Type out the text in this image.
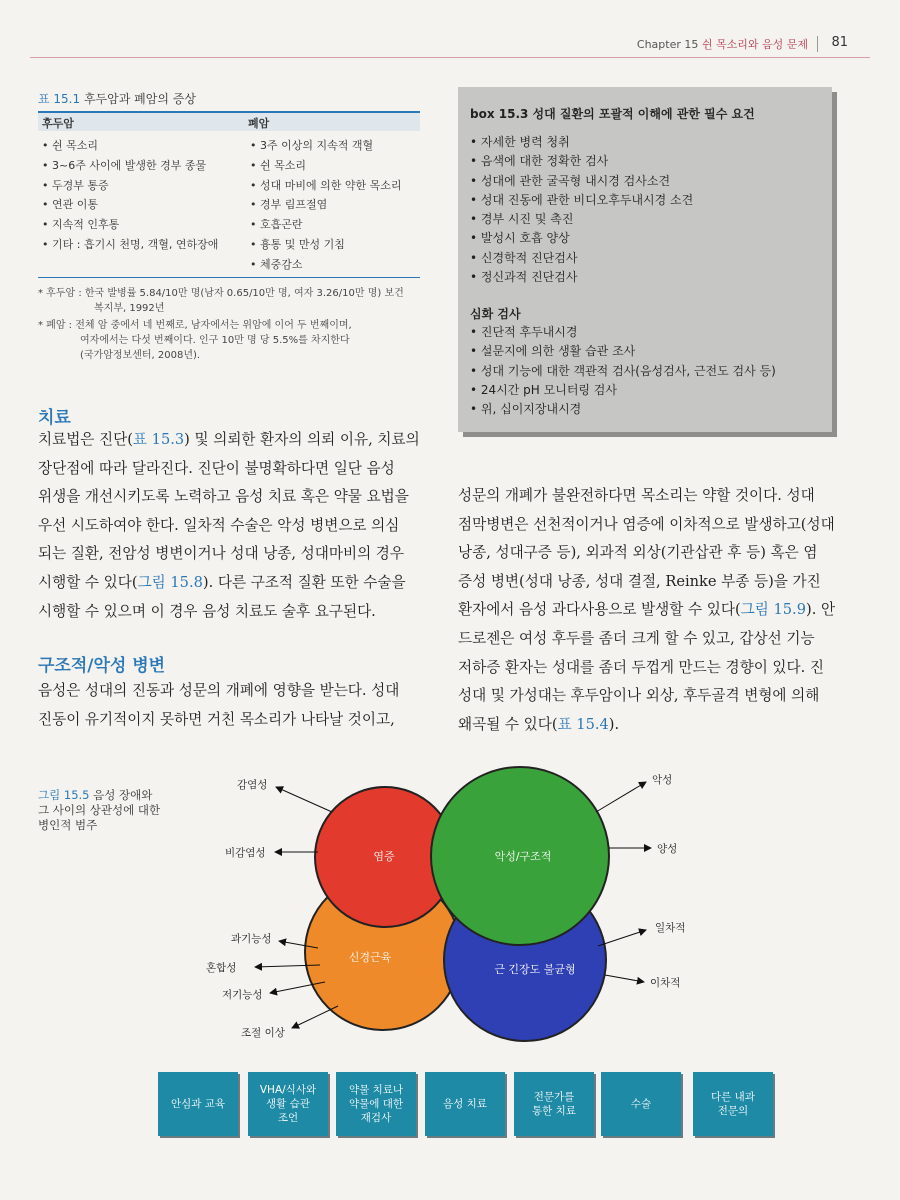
Chapter 15 쉰 목소리와 음성 문제 81
표 15.1 후두암과 폐암의 증상
후두암	폐암
• 쉰 목소리
• 3~6주 사이에 발생한 경부 종물
• 두경부 통증
• 연관 이통
• 지속적 인후통
• 기타 : 흡기시 천명, 객혈, 연하장애
• 3주 이상의 지속적 객혈
• 쉰 목소리
• 성대 마비에 의한 약한 목소리
• 경부 림프절염
• 호흡곤란
• 흉통 및 만성 기침
• 체중감소
* 후두암 : 한국 발병률 5.84/10만 명(남자 0.65/10만 명, 여자 3.26/10만 명) 보건
복지부, 1992년
* 폐암 : 전체 암 중에서 네 번째로, 남자에서는 위암에 이어 두 번째이며,
여자에서는 다섯 번째이다. 인구 10만 명 당 5.5%를 차지한다
(국가암정보센터, 2008년).
치료
치료법은 진단(표 15.3) 및 의뢰한 환자의 의뢰 이유, 치료의
장단점에 따라 달라진다. 진단이 불명확하다면 일단 음성
위생을 개선시키도록 노력하고 음성 치료 혹은 약물 요법을
우선 시도하여야 한다. 일차적 수술은 악성 병변으로 의심
되는 질환, 전암성 병변이거나 성대 낭종, 성대마비의 경우
시행할 수 있다(그림 15.8). 다른 구조적 질환 또한 수술을
시행할 수 있으며 이 경우 음성 치료도 술후 요구된다.
구조적/악성 병변
음성은 성대의 진동과 성문의 개폐에 영향을 받는다. 성대
진동이 유기적이지 못하면 거친 목소리가 나타날 것이고,
성문의 개폐가 불완전하다면 목소리는 약할 것이다. 성대
점막병변은 선천적이거나 염증에 이차적으로 발생하고(성대
낭종, 성대구증 등), 외과적 외상(기관삽관 후 등) 혹은 염
증성 병변(성대 낭종, 성대 결절, Reinke 부종 등)을 가진
환자에서 음성 과다사용으로 발생할 수 있다(그림 15.9). 안
드로젠은 여성 후두를 좀더 크게 할 수 있고, 갑상선 기능
저하증 환자는 성대를 좀더 두껍게 만드는 경향이 있다. 진
성대 및 가성대는 후두암이나 외상, 후두골격 변형에 의해
왜곡될 수 있다(표 15.4).
box 15.3 성대 질환의 포괄적 이해에 관한 필수 요건
• 자세한 병력 청취
• 음색에 대한 정확한 검사
• 성대에 관한 굴곡형 내시경 검사소견
• 성대 진동에 관한 비디오후두내시경 소견
• 경부 시진 및 촉진
• 발성시 호흡 양상
• 신경학적 진단검사
• 정신과적 진단검사
심화 검사
• 진단적 후두내시경
• 설문지에 의한 생활 습관 조사
• 성대 기능에 대한 객관적 검사(음성검사, 근전도 검사 등)
• 24시간 pH 모니터링 검사
• 위, 십이지장내시경
그림 15.5 음성 장애와
그 사이의 상관성에 대한
병인적 범주
염증	악성/구조적
신경근육
근 긴장도 불균형
감염성
비감염성
과기능성
혼합성
저기능성
조절 이상
악성
양성
일차적
이차적
안심과 교육
VHA/식사와
생활 습관
조언
약물 치료나
약물에 대한
재검사
음성 치료
전문가를
통한 치료
수술
다른 내과
전문의
